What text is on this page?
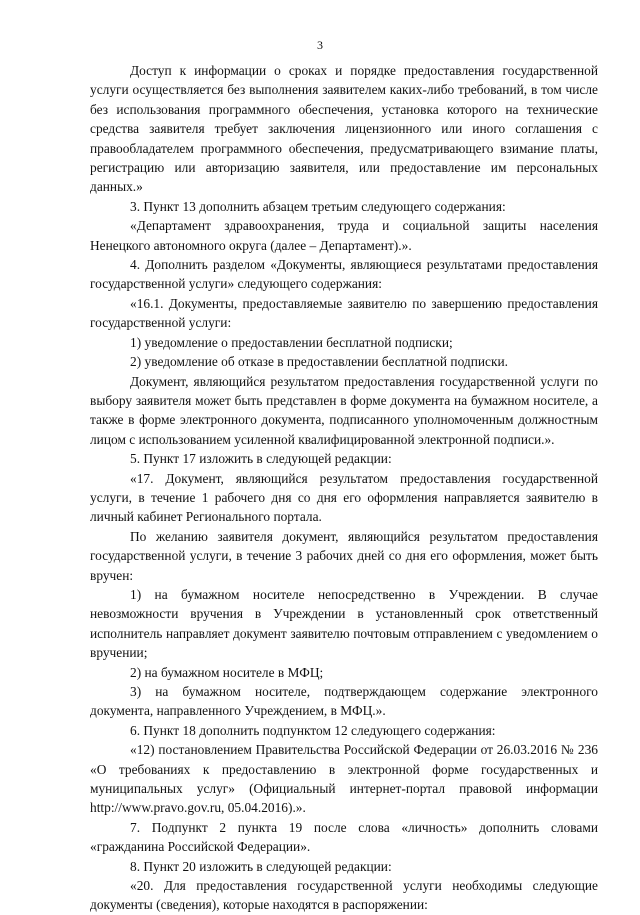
3

Доступ к информации о сроках и порядке предоставления государственной услуги осуществляется без выполнения заявителем каких-либо требований, в том числе без использования программного обеспечения, установка которого на технические средства заявителя требует заключения лицензионного или иного соглашения с правообладателем программного обеспечения, предусматривающего взимание платы, регистрацию или авторизацию заявителя, или предоставление им персональных данных.»

3. Пункт 13 дополнить абзацем третьим следующего содержания:

«Департамент здравоохранения, труда и социальной защиты населения Ненецкого автономного округа (далее – Департамент).».

4. Дополнить разделом «Документы, являющиеся результатами предоставления государственной услуги» следующего содержания:

«16.1. Документы, предоставляемые заявителю по завершению предоставления государственной услуги:

1) уведомление о предоставлении бесплатной подписки;

2) уведомление об отказе в предоставлении бесплатной подписки.

Документ, являющийся результатом предоставления государственной услуги по выбору заявителя может быть представлен в форме документа на бумажном носителе, а также в форме электронного документа, подписанного уполномоченным должностным лицом с использованием усиленной квалифицированной электронной подписи.».

5. Пункт 17 изложить в следующей редакции:

«17. Документ, являющийся результатом предоставления государственной услуги, в течение 1 рабочего дня со дня его оформления направляется заявителю в личный кабинет Регионального портала.

По желанию заявителя документ, являющийся результатом предоставления государственной услуги, в течение 3 рабочих дней со дня его оформления, может быть вручен:

1) на бумажном носителе непосредственно в Учреждении. В случае невозможности вручения в Учреждении в установленный срок ответственный исполнитель направляет документ заявителю почтовым отправлением с уведомлением о вручении;

2) на бумажном носителе в МФЦ;

3) на бумажном носителе, подтверждающем содержание электронного документа, направленного Учреждением, в МФЦ.».

6. Пункт 18 дополнить подпунктом 12 следующего содержания:

«12) постановлением Правительства Российской Федерации от 26.03.2016 № 236 «О требованиях к предоставлению в электронной форме государственных и муниципальных услуг» (Официальный интернет-портал правовой информации http://www.pravo.gov.ru, 05.04.2016).».

7. Подпункт 2 пункта 19 после слова «личность» дополнить словами «гражданина Российской Федерации».

8. Пункт 20 изложить в следующей редакции:

«20. Для предоставления государственной услуги необходимы следующие документы (сведения), которые находятся в распоряжении:
